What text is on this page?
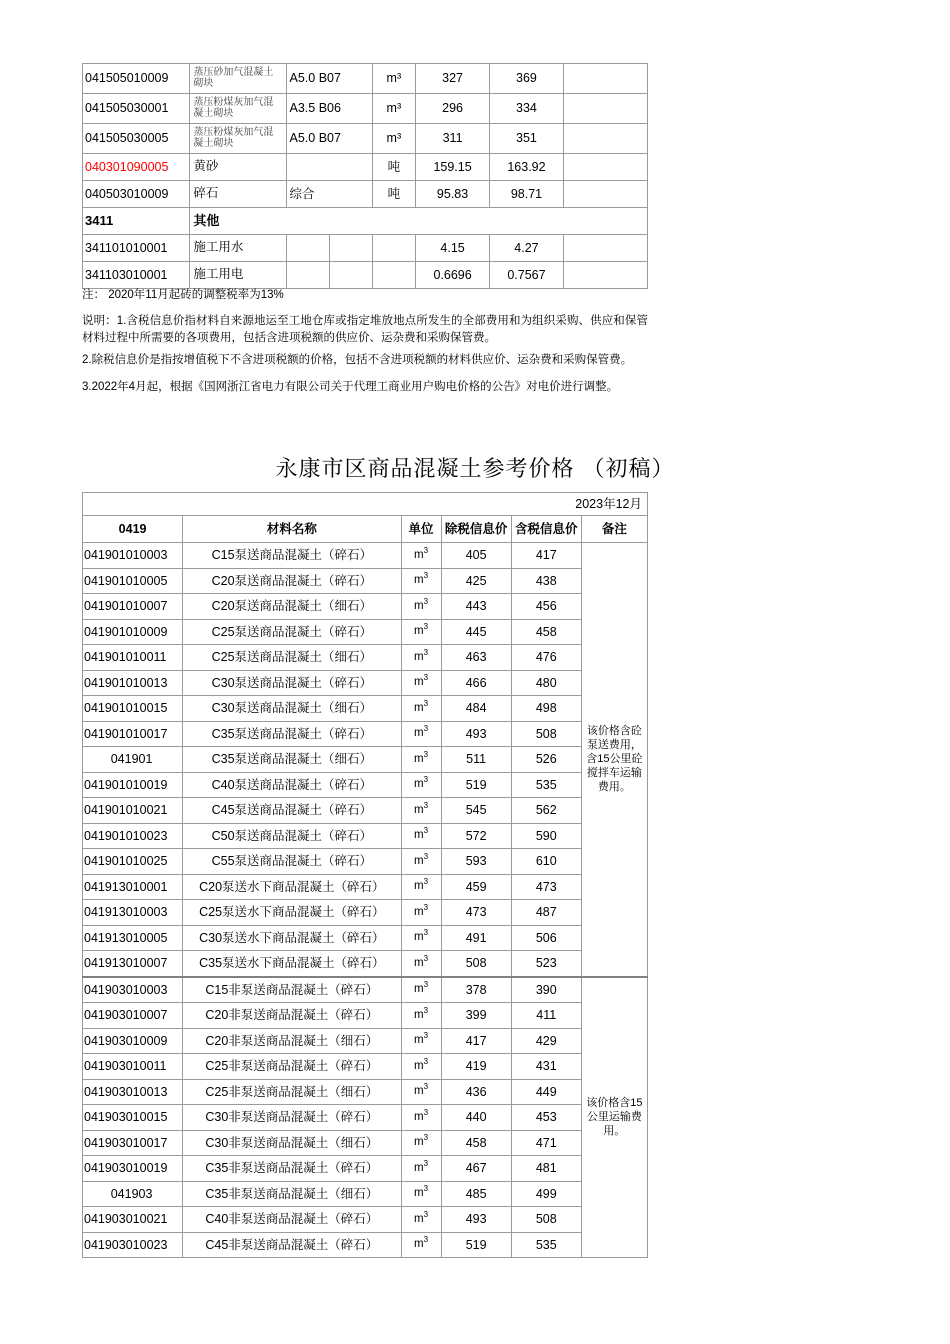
041505010009	蒸压砂加气混凝土砌块	A5.0 B07		m³	327	369	
041505030001	蒸压粉煤灰加气混凝土砌块	A3.5 B06		m³	296	334	
041505030005	蒸压粉煤灰加气混凝土砌块	A5.0 B07		m³	311	351	
040301090005	黄砂			吨	159.15	163.92	
040503010009	碎石	综合		吨	95.83	98.71	
3411	其他						
341101010001	施工用水				4.15	4.27	
341103010001	施工用电				0.6696	0.7567	
注： 2020年11月起砖的调整税率为13%
说明：1.含税信息价指材料自来源地运至工地仓库或指定堆放地点所发生的全部费用和为组织采购、供应和保管材料过程中所需要的各项费用，包括含进项税额的供应价、运杂费和采购保管费。
2.除税信息价是指按增值税下不含进项税额的价格，包括不含进项税额的材料供应价、运杂费和采购保管费。
3.2022年4月起，根据《国网浙江省电力有限公司关于代理工商业用户购电价格的公告》对电价进行调整。
永康市区商品混凝土参考价格 （初稿）
2023年12月					
0419	材料名称	单位	除税信息价	含税信息价	备注
041901010003	C15泵送商品混凝土（碎石）	$m^3$	405	417	该价格含砼泵送费用，含15公里砼搅拌车运输费用。
041901010005	C20泵送商品混凝土（碎石）	$m^3$	425	438	
041901010007	C20泵送商品混凝土（细石）	$m^3$	443	456	
041901010009	C25泵送商品混凝土（碎石）	$m^3$	445	458	
041901010011	C25泵送商品混凝土（细石）	$m^3$	463	476	
041901010013	C30泵送商品混凝土（碎石）	$m^3$	466	480	
041901010015	C30泵送商品混凝土（细石）	$m^3$	484	498	
041901010017	C35泵送商品混凝土（碎石）	$m^3$	493	508	
041901	C35泵送商品混凝土（细石）	$m^3$	511	526	
041901010019	C40泵送商品混凝土（碎石）	$m^3$	519	535	
041901010021	C45泵送商品混凝土（碎石）	$m^3$	545	562	
041901010023	C50泵送商品混凝土（碎石）	$m^3$	572	590	
041901010025	C55泵送商品混凝土（碎石）	$m^3$	593	610	
041913010001	C20泵送水下商品混凝土（碎石）	$m^3$	459	473	
041913010003	C25泵送水下商品混凝土（碎石）	$m^3$	473	487	
041913010005	C30泵送水下商品混凝土（碎石）	$m^3$	491	506	
041913010007	C35泵送水下商品混凝土（碎石）	$m^3$	508	523	
041903010003	C15非泵送商品混凝土（碎石）	$m^3$	378	390	该价格含15公里运输费用。
041903010007	C20非泵送商品混凝土（碎石）	$m^3$	399	411	
041903010009	C20非泵送商品混凝土（细石）	$m^3$	417	429	
041903010011	C25非泵送商品混凝土（碎石）	$m^3$	419	431	
041903010013	C25非泵送商品混凝土（细石）	$m^3$	436	449	
041903010015	C30非泵送商品混凝土（碎石）	$m^3$	440	453	
041903010017	C30非泵送商品混凝土（细石）	$m^3$	458	471	
041903010019	C35非泵送商品混凝土（碎石）	$m^3$	467	481	
041903	C35非泵送商品混凝土（细石）	$m^3$	485	499	
041903010021	C40非泵送商品混凝土（碎石）	$m^3$	493	508	
041903010023	C45非泵送商品混凝土（碎石）	$m^3$	519	535	
